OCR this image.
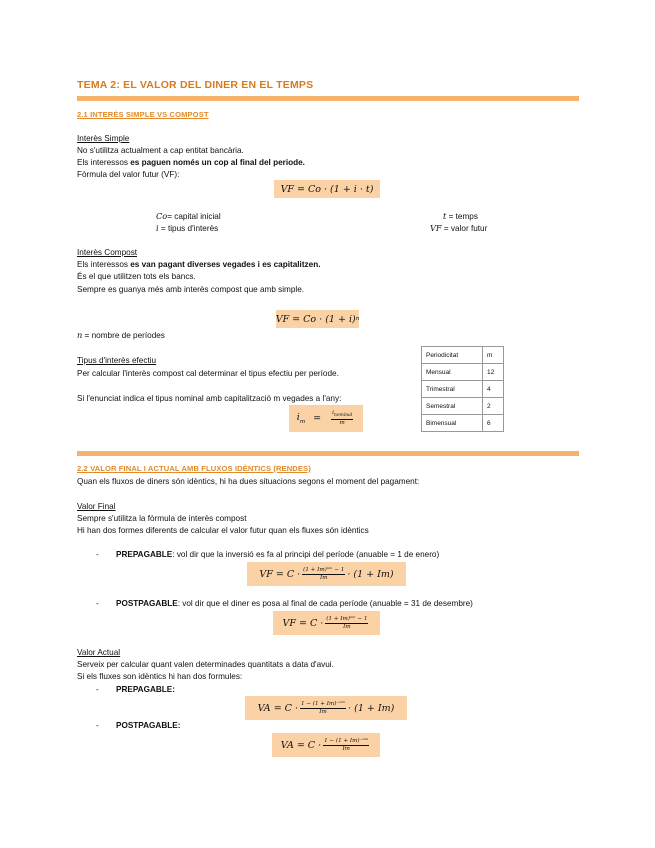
TEMA 2: EL VALOR DEL DINER EN EL TEMPS
2.1 INTERÈS SIMPLE VS COMPOST
Interès Simple
No s'utilitza actualment a cap entitat bancària.
Els interessos es paguen només un cop al final del periode.
Fòrmula del valor futur (VF):
VF = Co · (1 + i · t)
Co= capital inicial
i = tipus d'interès
t = temps
VF = valor futur
Interès Compost
Els interessos es van pagant diverses vegades i es capitalitzen.
És el que utilitzen tots els bancs.
Sempre es guanya més amb interès compost que amb simple.
VF = Co · (1 + i) n
n = nombre de períodes
Tipus d'interès efectiu
Per calcular l'interès compost cal determinar el tipus efectiu per període.
Si l'enunciat indica el tipus nominal amb capitalització m vegades a l'any:
$i_m = \frac{i_{nominal}}{m}$
Periodicitat	m
Mensual	12
Trimestral	4
Semestral	2
Bimensual	6
2.2 VALOR FINAL I ACTUAL AMB FLUXOS IDÈNTICS (RENDES)
Quan els fluxos de diners són idèntics, hi ha dues situacions segons el moment del pagament:
Valor Final
Sempre s'utilitza la fòrmula de interès compost
Hi han dos formes diferents de calcular el valor futur quan els fluxes són idèntics
- PREPAGABLE: vol dir que la inversió es fa al principi del període (anuable = 1 de enero)
VF = $C \cdot \frac{\text{(1 + Im)ⁿᵐ − 1}}{Im} \cdot (1 + Im)$
- POSTPAGABLE: vol dir que el diner es posa al final de cada període (anuable = 31 de desembre)
VF = $C \cdot \frac{\text{(1 + Im)ⁿᵐ − 1}}{Im}$
Valor Actual
Serveix per calcular quant valen determinades quantitats a data d'avui.
Si els fluxes son idèntics hi han dos formules:
- PREPAGABLE:
VA = $C \cdot \frac{\text{1 − (1 + Im)⁻ⁿᵐ}}{Im} \cdot (1 + Im)$
- POSTPAGABLE:
VA = $C \cdot \frac{\text{1 − (1 + Im)⁻ⁿᵐ}}{Im}$
